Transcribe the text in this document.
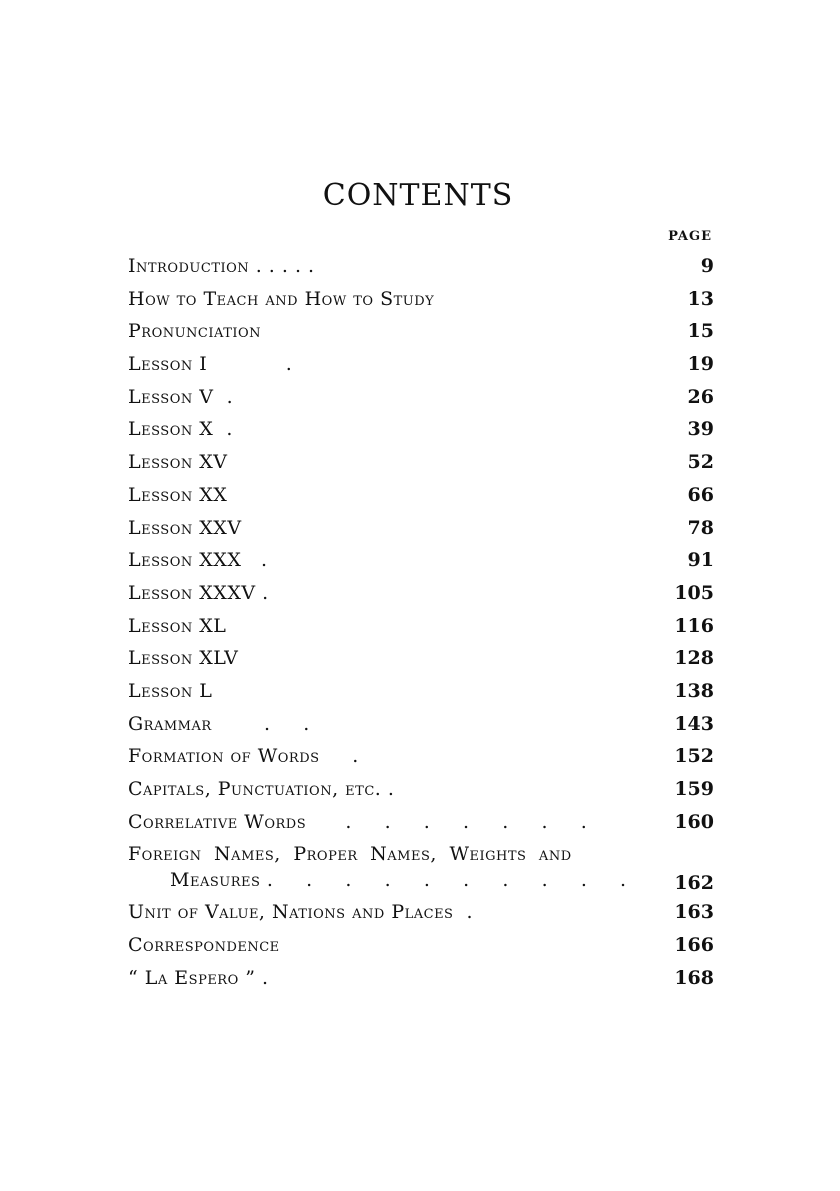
CONTENTS
PAGE
Introduction . . . . .	9
How to Teach and How to Study	13
Pronunciation	15
Lesson I            .	19
Lesson V  .	26
Lesson X  .	39
Lesson XV	52
Lesson XX	66
Lesson XXV	78
Lesson XXX   .	91
Lesson XXXV .	105
Lesson XL	116
Lesson XLV	128
Lesson L	138
Grammar        .     .	143
Formation of Words     .	152
Capitals, Punctuation, etc. .	159
Correlative Words      .     .     .     .     .     .     .	160
Foreign Names, Proper Names, Weights and
Measures .     .     .     .     .     .     .     .     .     .	162
Unit of Value, Nations and Places  .	163
Correspondence	166
“ La Espero ” .	168
